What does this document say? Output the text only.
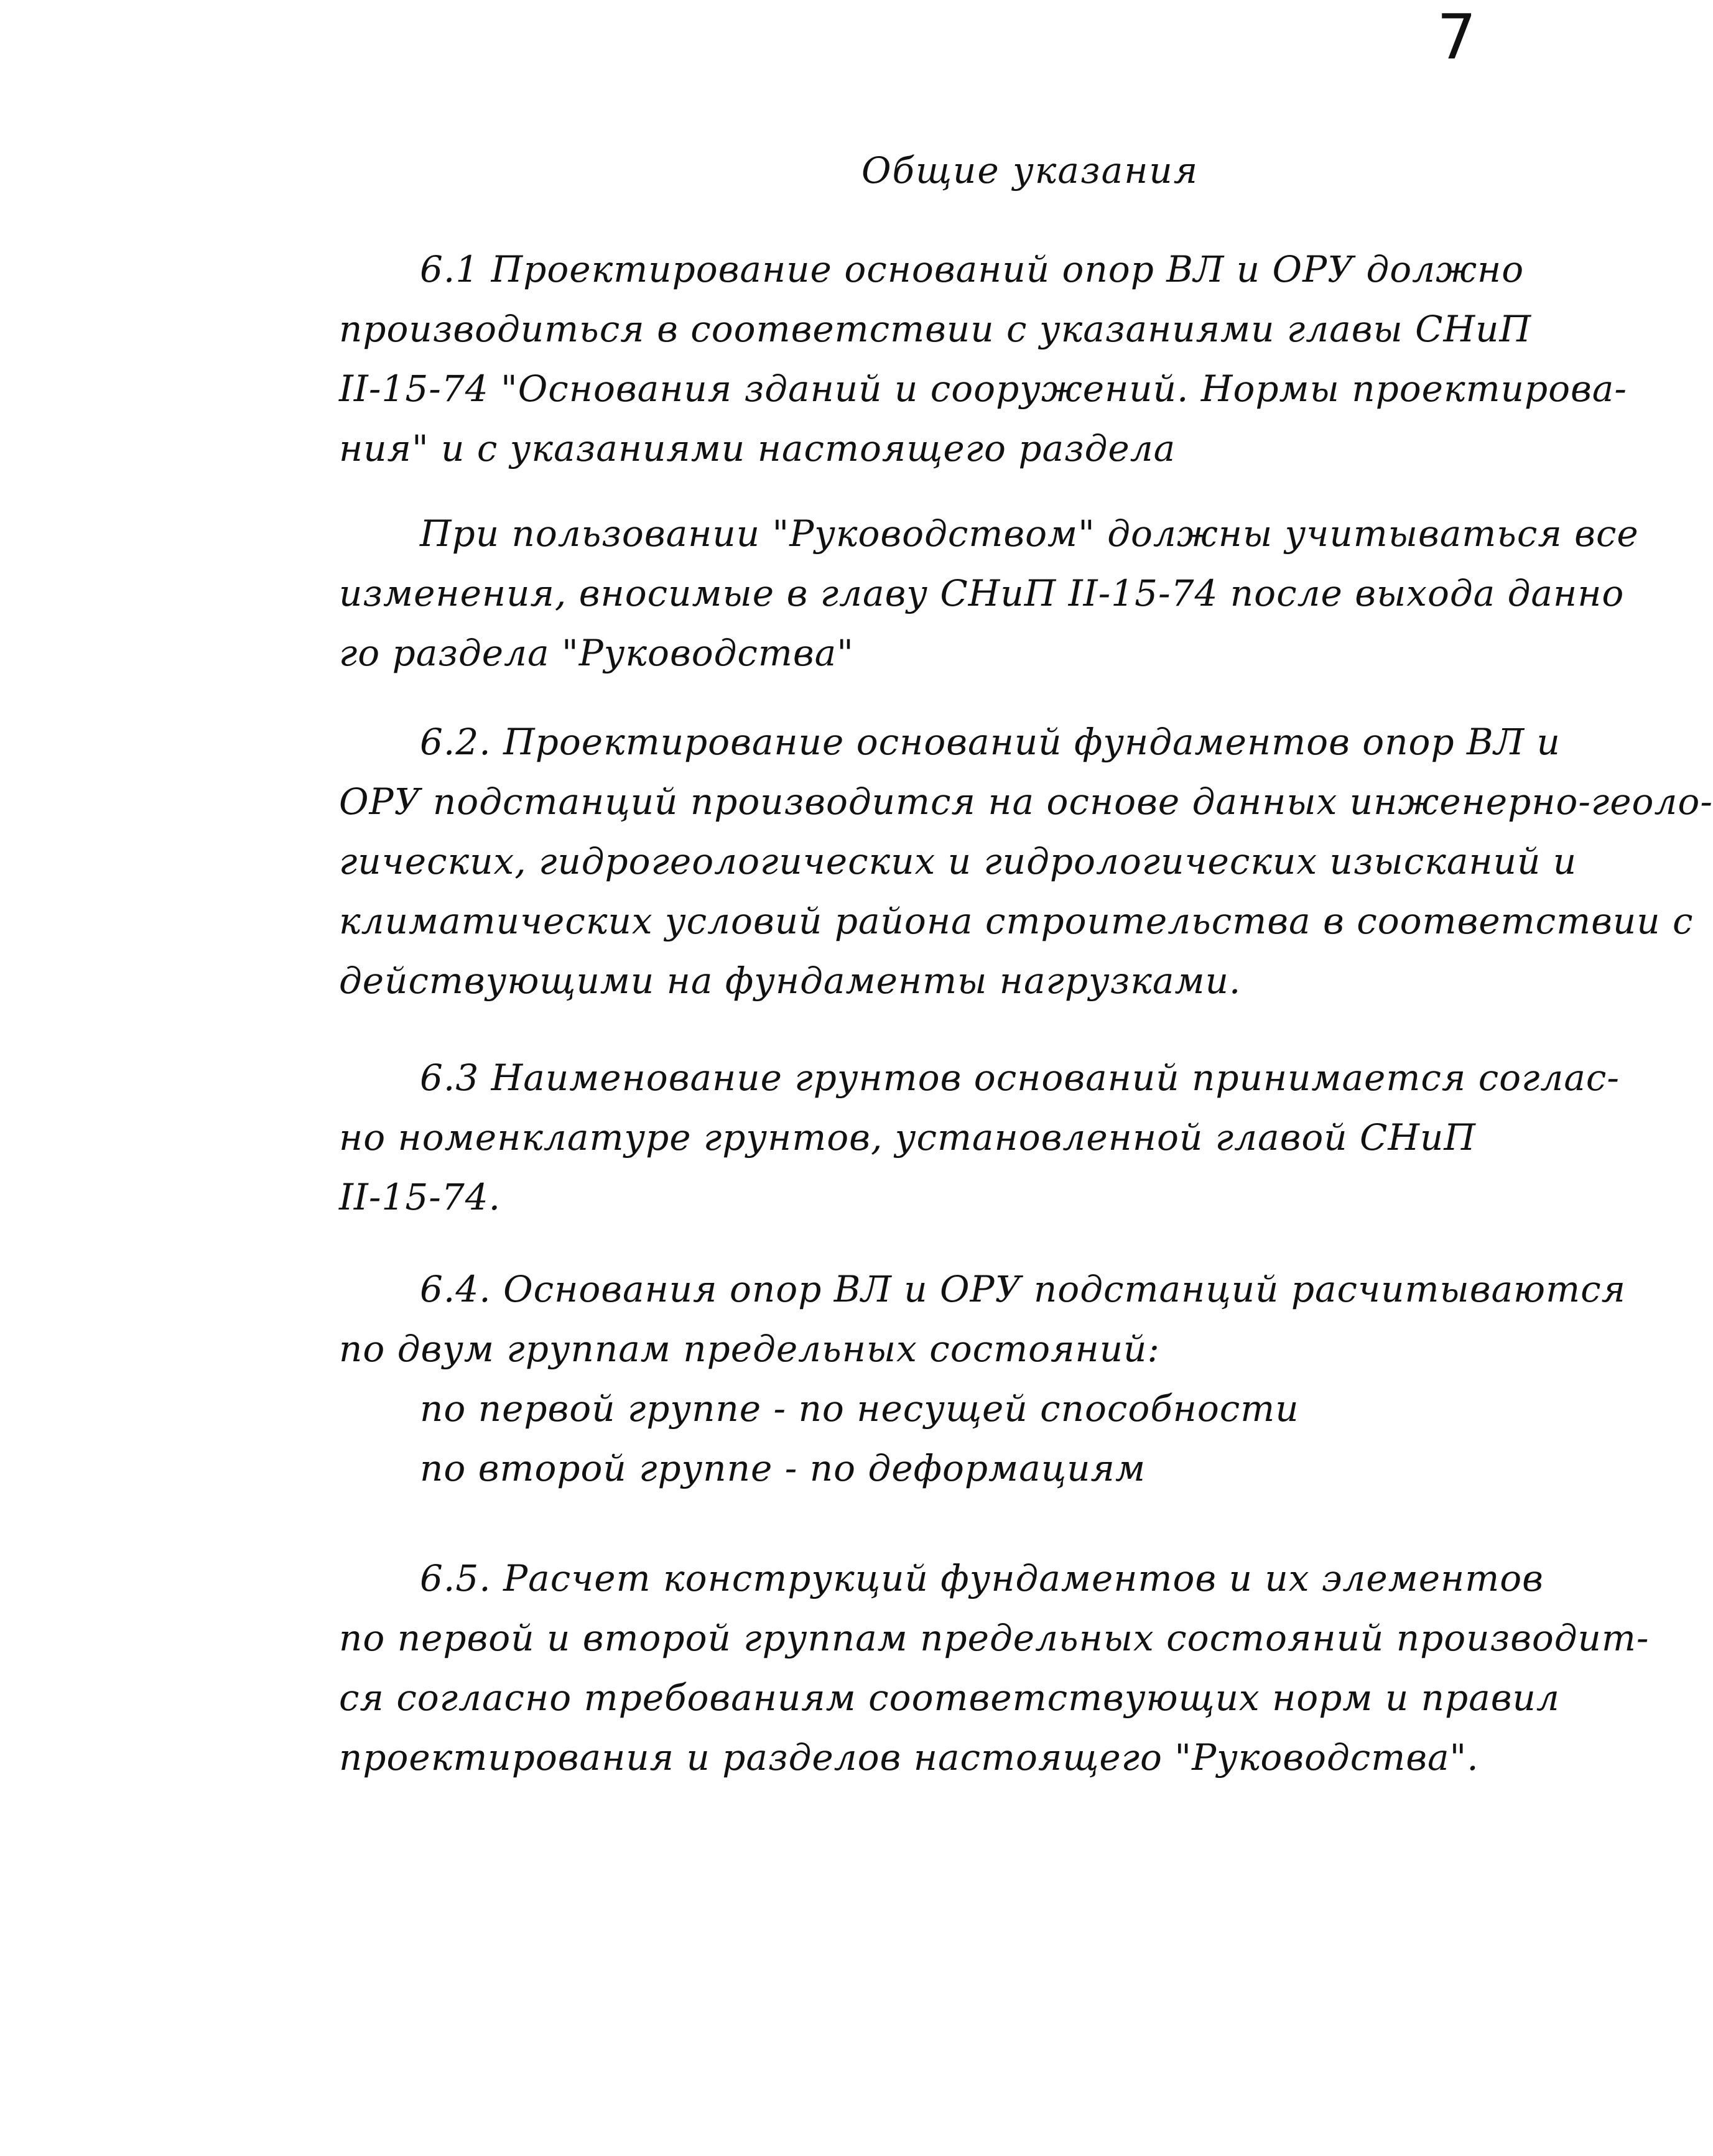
7
Общие указания
6.1 Проектирование оснований опор ВЛ и ОРУ должно
производиться в соответствии с указаниями главы СНиП
II-15-74 "Основания зданий и сооружений. Нормы проектирова-
ния" и с указаниями настоящего раздела
При пользовании "Руководством" должны учитываться все
изменения, вносимые в главу СНиП II-15-74 после выхода данно
го раздела "Руководства"
6.2. Проектирование оснований фундаментов опор ВЛ и
ОРУ подстанций производится на основе данных инженерно-геоло-
гических, гидрогеологических и гидрологических изысканий и
климатических условий района строительства в соответствии с
действующими на фундаменты нагрузками.
6.3 Наименование грунтов оснований принимается соглас-
но номенклатуре грунтов, установленной главой СНиП
II-15-74.
6.4. Основания опор ВЛ и ОРУ подстанций расчитываются
по двум группам предельных состояний:
по первой группе - по несущей способности
по второй группе - по деформациям
6.5. Расчет конструкций фундаментов и их элементов
по первой и второй группам предельных состояний производит-
ся согласно требованиям соответствующих норм и правил
проектирования и разделов настоящего "Руководства".
